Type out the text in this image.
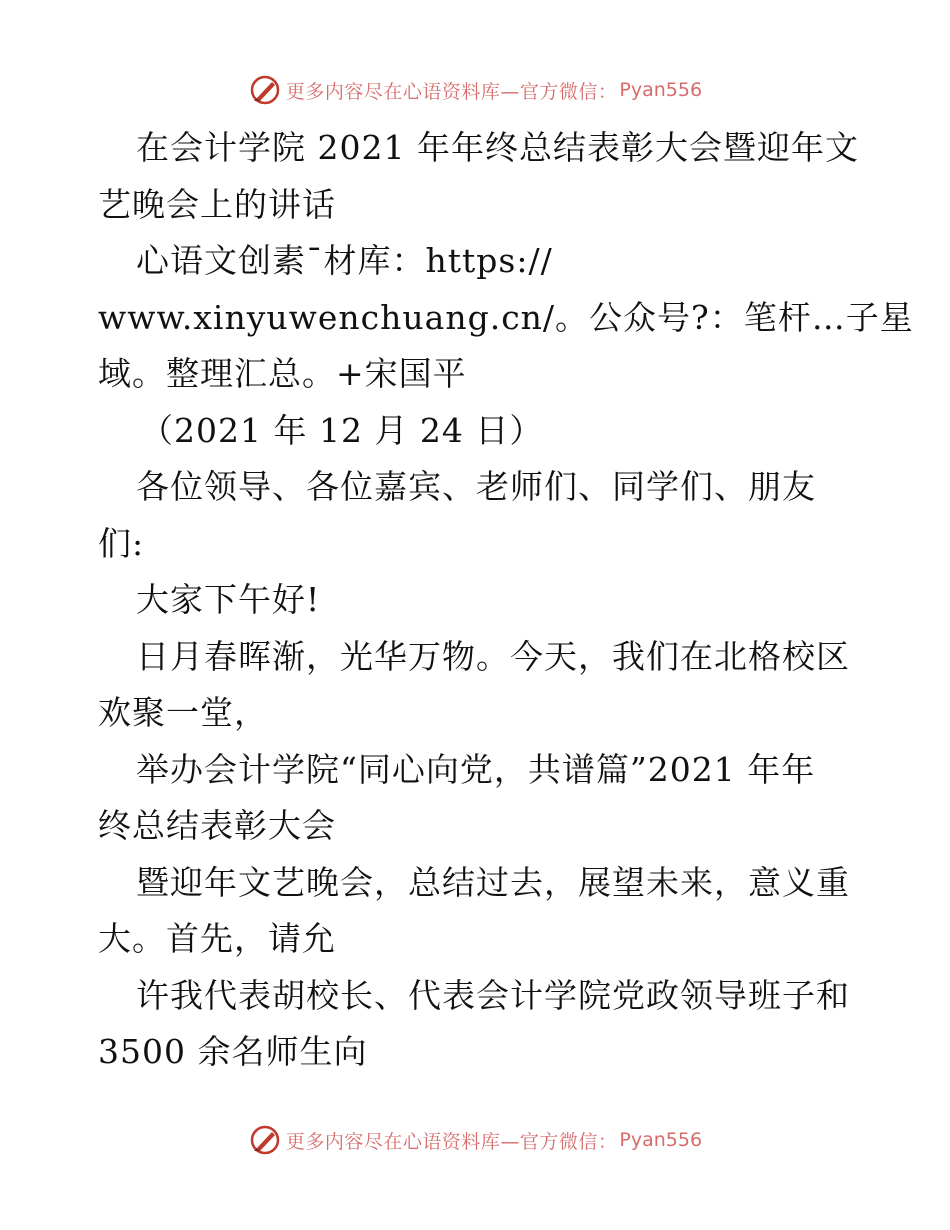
更多内容尽在心语资料库—官方微信： Pyan556
在会计学院 2021 年年终总结表彰大会暨迎年文
艺晚会上的讲话
心语文创素¯材库：https://
www.xinyuwenchuang.cn/。公众号?：笔杆…子星
域。整理汇总。+宋国平
（2021 年 12 月 24 日）
各位领导、各位嘉宾、老师们、同学们、朋友
们:
大家下午好!
日月春晖渐，光华万物。今天，我们在北格校区
欢聚一堂，
举办会计学院“同心向党，共谱篇”2021 年年
终总结表彰大会
暨迎年文艺晚会，总结过去，展望未来，意义重
大。首先，请允
许我代表胡校长、代表会计学院党政领导班子和
3500 余名师生向
更多内容尽在心语资料库—官方微信： Pyan556
